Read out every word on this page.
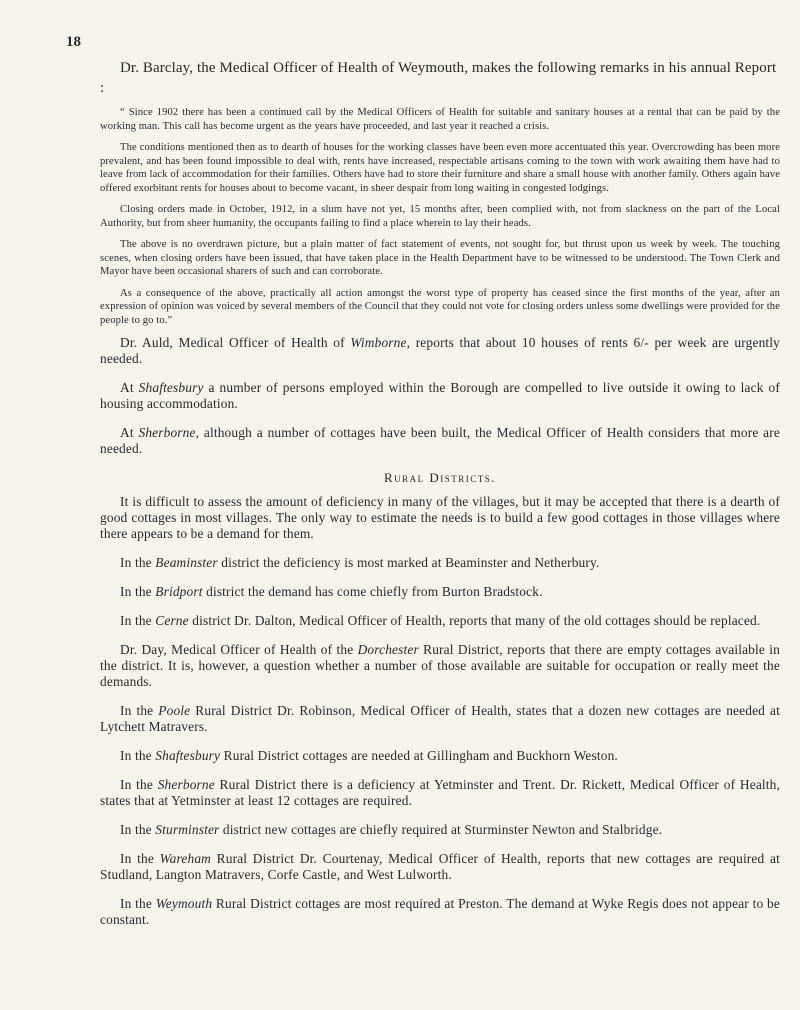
18

Dr. Barclay, the Medical Officer of Health of Weymouth, makes the following remarks in his annual Report :

“ Since 1902 there has been a continued call by the Medical Officers of Health for suitable and sanitary houses at a rental that can be paid by the working man. This call has become urgent as the years have proceeded, and last year it reached a crisis.

The conditions mentioned then as to dearth of houses for the working classes have been even more accentuated this year. Overcrowding has been more prevalent, and has been found impossible to deal with, rents have increased, respectable artisans coming to the town with work awaiting them have had to leave from lack of accommodation for their families. Others have had to store their furniture and share a small house with another family. Others again have offered exorbitant rents for houses about to become vacant, in sheer despair from long waiting in congested lodgings.

Closing orders made in October, 1912, in a slum have not yet, 15 months after, been complied with, not from slackness on the part of the Local Authority, but from sheer humanity, the occupants failing to find a place wherein to lay their heads.

The above is no overdrawn picture, but a plain matter of fact statement of events, not sought for, but thrust upon us week by week. The touching scenes, when closing orders have been issued, that have taken place in the Health Department have to be witnessed to be understood. The Town Clerk and Mayor have been occasional sharers of such and can corroborate.

As a consequence of the above, practically all action amongst the worst type of property has ceased since the first months of the year, after an expression of opinion was voiced by several members of the Council that they could not vote for closing orders unless some dwellings were provided for the people to go to.”

Dr. Auld, Medical Officer of Health of Wimborne, reports that about 10 houses of rents 6/- per week are urgently needed.

At Shaftesbury a number of persons employed within the Borough are compelled to live outside it owing to lack of housing accommodation.

At Sherborne, although a number of cottages have been built, the Medical Officer of Health considers that more are needed.

Rural Districts.

It is difficult to assess the amount of deficiency in many of the villages, but it may be accepted that there is a dearth of good cottages in most villages. The only way to estimate the needs is to build a few good cottages in those villages where there appears to be a demand for them.

In the Beaminster district the deficiency is most marked at Beaminster and Netherbury.

In the Bridport district the demand has come chiefly from Burton Bradstock.

In the Cerne district Dr. Dalton, Medical Officer of Health, reports that many of the old cottages should be replaced.

Dr. Day, Medical Officer of Health of the Dorchester Rural District, reports that there are empty cottages available in the district. It is, however, a question whether a number of those available are suitable for occupation or really meet the demands.

In the Poole Rural District Dr. Robinson, Medical Officer of Health, states that a dozen new cottages are needed at Lytchett Matravers.

In the Shaftesbury Rural District cottages are needed at Gillingham and Buckhorn Weston.

In the Sherborne Rural District there is a deficiency at Yetminster and Trent. Dr. Rickett, Medical Officer of Health, states that at Yetminster at least 12 cottages are required.

In the Sturminster district new cottages are chiefly required at Sturminster Newton and Stalbridge.

In the Wareham Rural District Dr. Courtenay, Medical Officer of Health, reports that new cottages are required at Studland, Langton Matravers, Corfe Castle, and West Lulworth.

In the Weymouth Rural District cottages are most required at Preston. The demand at Wyke Regis does not appear to be constant.
